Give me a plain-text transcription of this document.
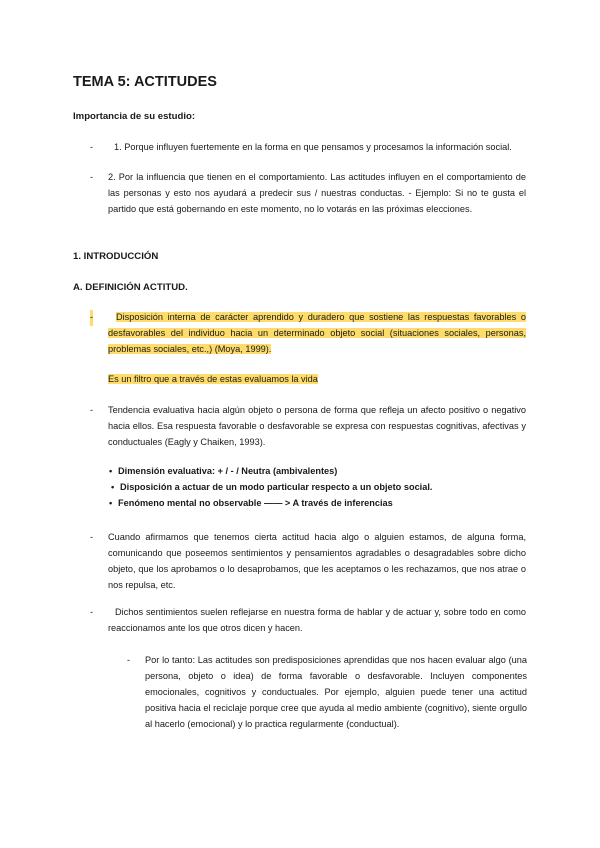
TEMA 5: ACTITUDES
Importancia de su estudio:
-	1. Porque influyen fuertemente en la forma en que pensamos y procesamos la información social.
- 2. Por la influencia que tienen en el comportamiento. Las actitudes influyen en el comportamiento de las personas y esto nos ayudará a predecir sus / nuestras conductas. - Ejemplo: Si no te gusta el partido que está gobernando en este momento, no lo votarás en las próximas elecciones.
1. INTRODUCCIÓN
A. DEFINICIÓN ACTITUD.
-	Disposición interna de carácter aprendido y duradero que sostiene las respuestas favorables o desfavorables del individuo hacia un determinado objeto social (situaciones sociales, personas, problemas sociales, etc.,) (Moya, 1999).
Es un filtro que a través de estas evaluamos la vida
- Tendencia evaluativa hacia algún objeto o persona de forma que refleja un afecto positivo o negativo hacia ellos. Esa respuesta favorable o desfavorable se expresa con respuestas cognitivas, afectivas y conductuales (Eagly y Chaiken, 1993).
• Dimensión evaluativa: + / - / Neutra (ambivalentes)
• Disposición a actuar de un modo particular respecto a un objeto social.
• Fenómeno mental no observable —— > A través de inferencias
- Cuando afirmamos que tenemos cierta actitud hacia algo o alguien estamos, de alguna forma, comunicando que poseemos sentimientos y pensamientos agradables o desagradables sobre dicho objeto, que los aprobamos o lo desaprobamos, que les aceptamos o les rechazamos, que nos atrae o nos repulsa, etc.
-	Dichos sentimientos suelen reflejarse en nuestra forma de hablar y de actuar y, sobre todo en como reaccionamos ante los que otros dicen y hacen.
- Por lo tanto: Las actitudes son predisposiciones aprendidas que nos hacen evaluar algo (una persona, objeto o idea) de forma favorable o desfavorable. Incluyen componentes emocionales, cognitivos y conductuales. Por ejemplo, alguien puede tener una actitud positiva hacia el reciclaje porque cree que ayuda al medio ambiente (cognitivo), siente orgullo al hacerlo (emocional) y lo practica regularmente (conductual).
